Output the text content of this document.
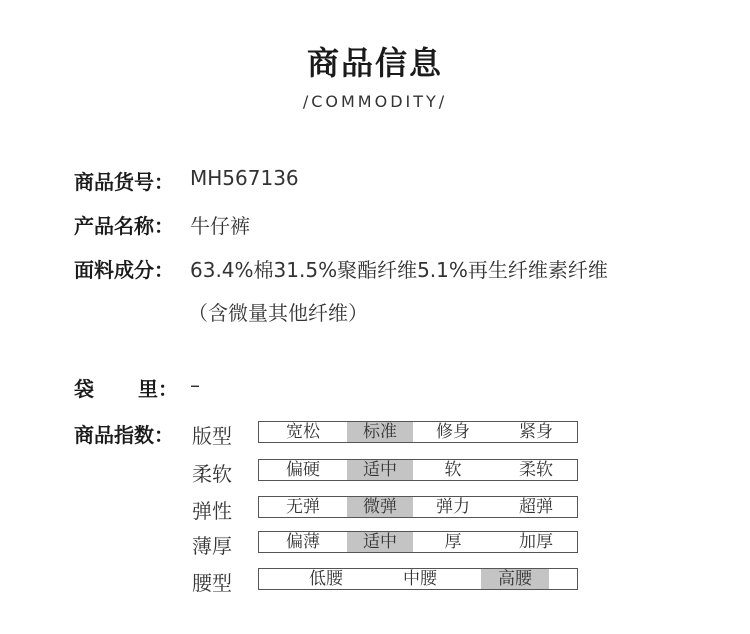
商品信息
/COMMODITY/
商品货号： MH567136
产品名称： 牛仔裤
面料成分： 63.4%棉31.5%聚酯纤维5.1%再生纤维素纤维
（含微量其他纤维）
袋 里： –
商品指数： 版型	宽松	标准	修身	紧身
柔软	偏硬	适中	软	柔软
弹性	无弹	微弹	弹力	超弹
薄厚	偏薄	适中	厚	加厚
腰型	低腰	中腰	高腰
